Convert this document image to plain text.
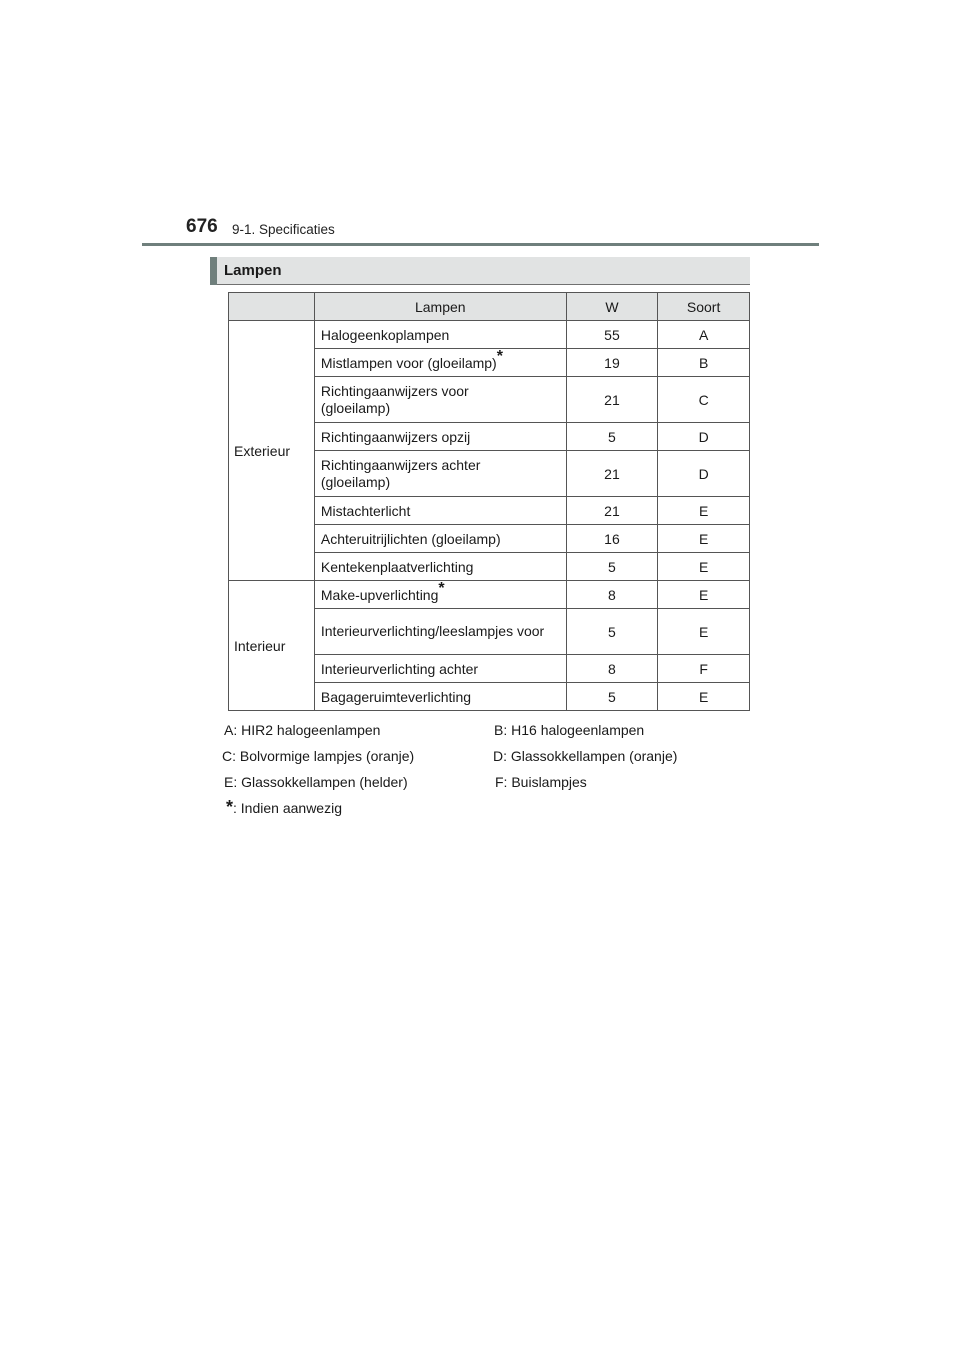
676 9-1. Specificaties
Lampen
	Lampen	W	Soort
Exterieur	Halogeenkoplampen	55	A
	Mistlampen voor (gloeilamp)*	19	B
	Richtingaanwijzers voor (gloeilamp)	21	C
	Richtingaanwijzers opzij	5	D
	Richtingaanwijzers achter (gloeilamp)	21	D
	Mistachterlicht	21	E
	Achteruitrijlichten (gloeilamp)	16	E
	Kentekenplaatverlichting	5	E
Interieur	Make-upverlichting*	8	E
	Interieurverlichting/leeslampjes voor	5	E
	Interieurverlichting achter	8	F
	Bagageruimteverlichting	5	E
A: HIR2 halogeenlampen	B: H16 halogeenlampen
C: Bolvormige lampjes (oranje)	D: Glassokkellampen (oranje)
E: Glassokkellampen (helder)	F: Buislampjes
*: Indien aanwezig
